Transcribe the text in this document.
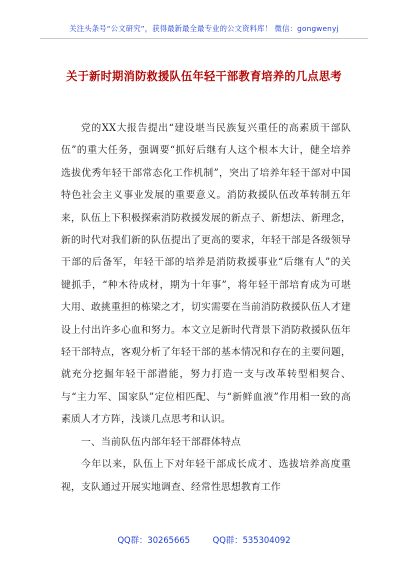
关注头条号“公文研究”，获得最新最全最专业的公文资料库！ 微信：gongwenyj
关于新时期消防救援队伍年轻干部教育培养的几点思考

党的XX大报告提出“建设堪当民族复兴重任的高素质干部队伍”的重大任务，强调要“抓好后继有人这个根本大计，健全培养选拔优秀年轻干部常态化工作机制”，突出了培养年轻干部对中国特色社会主义事业发展的重要意义。消防救援队伍改革转制五年来，队伍上下积极探索消防救援发展的新点子、新想法、新理念，新的时代对我们新的队伍提出了更高的要求，年轻干部是各级领导干部的后备军，年轻干部的培养是消防救援事业“后继有人”的关键抓手，“种木待成材，期为十年事”，将年轻干部培育成为可堪大用、敢挑重担的栋梁之才，切实需要在当前消防救援队伍人才建设上付出许多心血和努力。本文立足新时代背景下消防救援队伍年轻干部特点，客观分析了年轻干部的基本情况和存在的主要问题，就充分挖掘年轻干部潜能，努力打造一支与改革转型相契合、与“主力军、国家队”定位相匹配、与“新鲜血液”作用相一致的高素质人才方阵，浅谈几点思考和认识。

一、当前队伍内部年轻干部群体特点

今年以来，队伍上下对年轻干部成长成才、选拔培养高度重视，支队通过开展实地调查、经常性思想教育工作

QQ群：30265665	QQ群：535304092
